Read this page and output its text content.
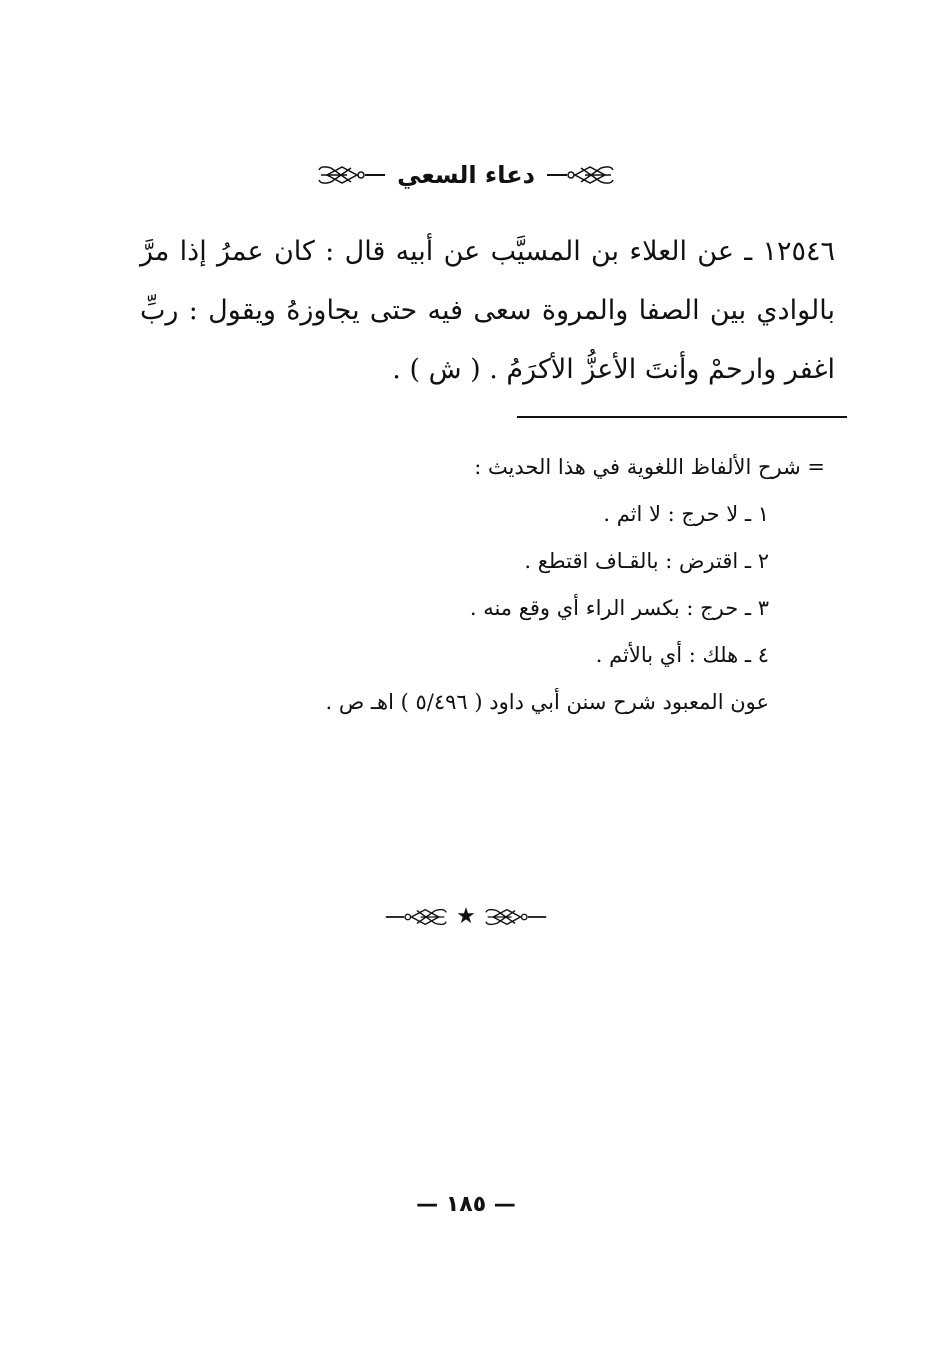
دعاء السعي
١٢٥٤٦ ـ عن العلاء بن المسيَّب عن أبيه قال : كان عمرُ إذا مرَّ بالوادي بين الصفا والمروة سعى فيه حتى يجاوزهُ ويقول : ربِّ اغفر وارحمْ وأنتَ الأعزُّ الأكرَمُ . ( ش ) .
= شرح الألفاظ اللغوية في هذا الحديث :
١ ـ لا حرج : لا اثم .
٢ ـ اقترض : بالقـاف اقتطع .
٣ ـ حرج : بكسر الراء أي وقع منه .
٤ ـ هلك : أي بالأثم .
عون المعبود شرح سنن أبي داود ( ٥/٤٩٦ ) اهـ ص .
★
— ١٨٥ —
